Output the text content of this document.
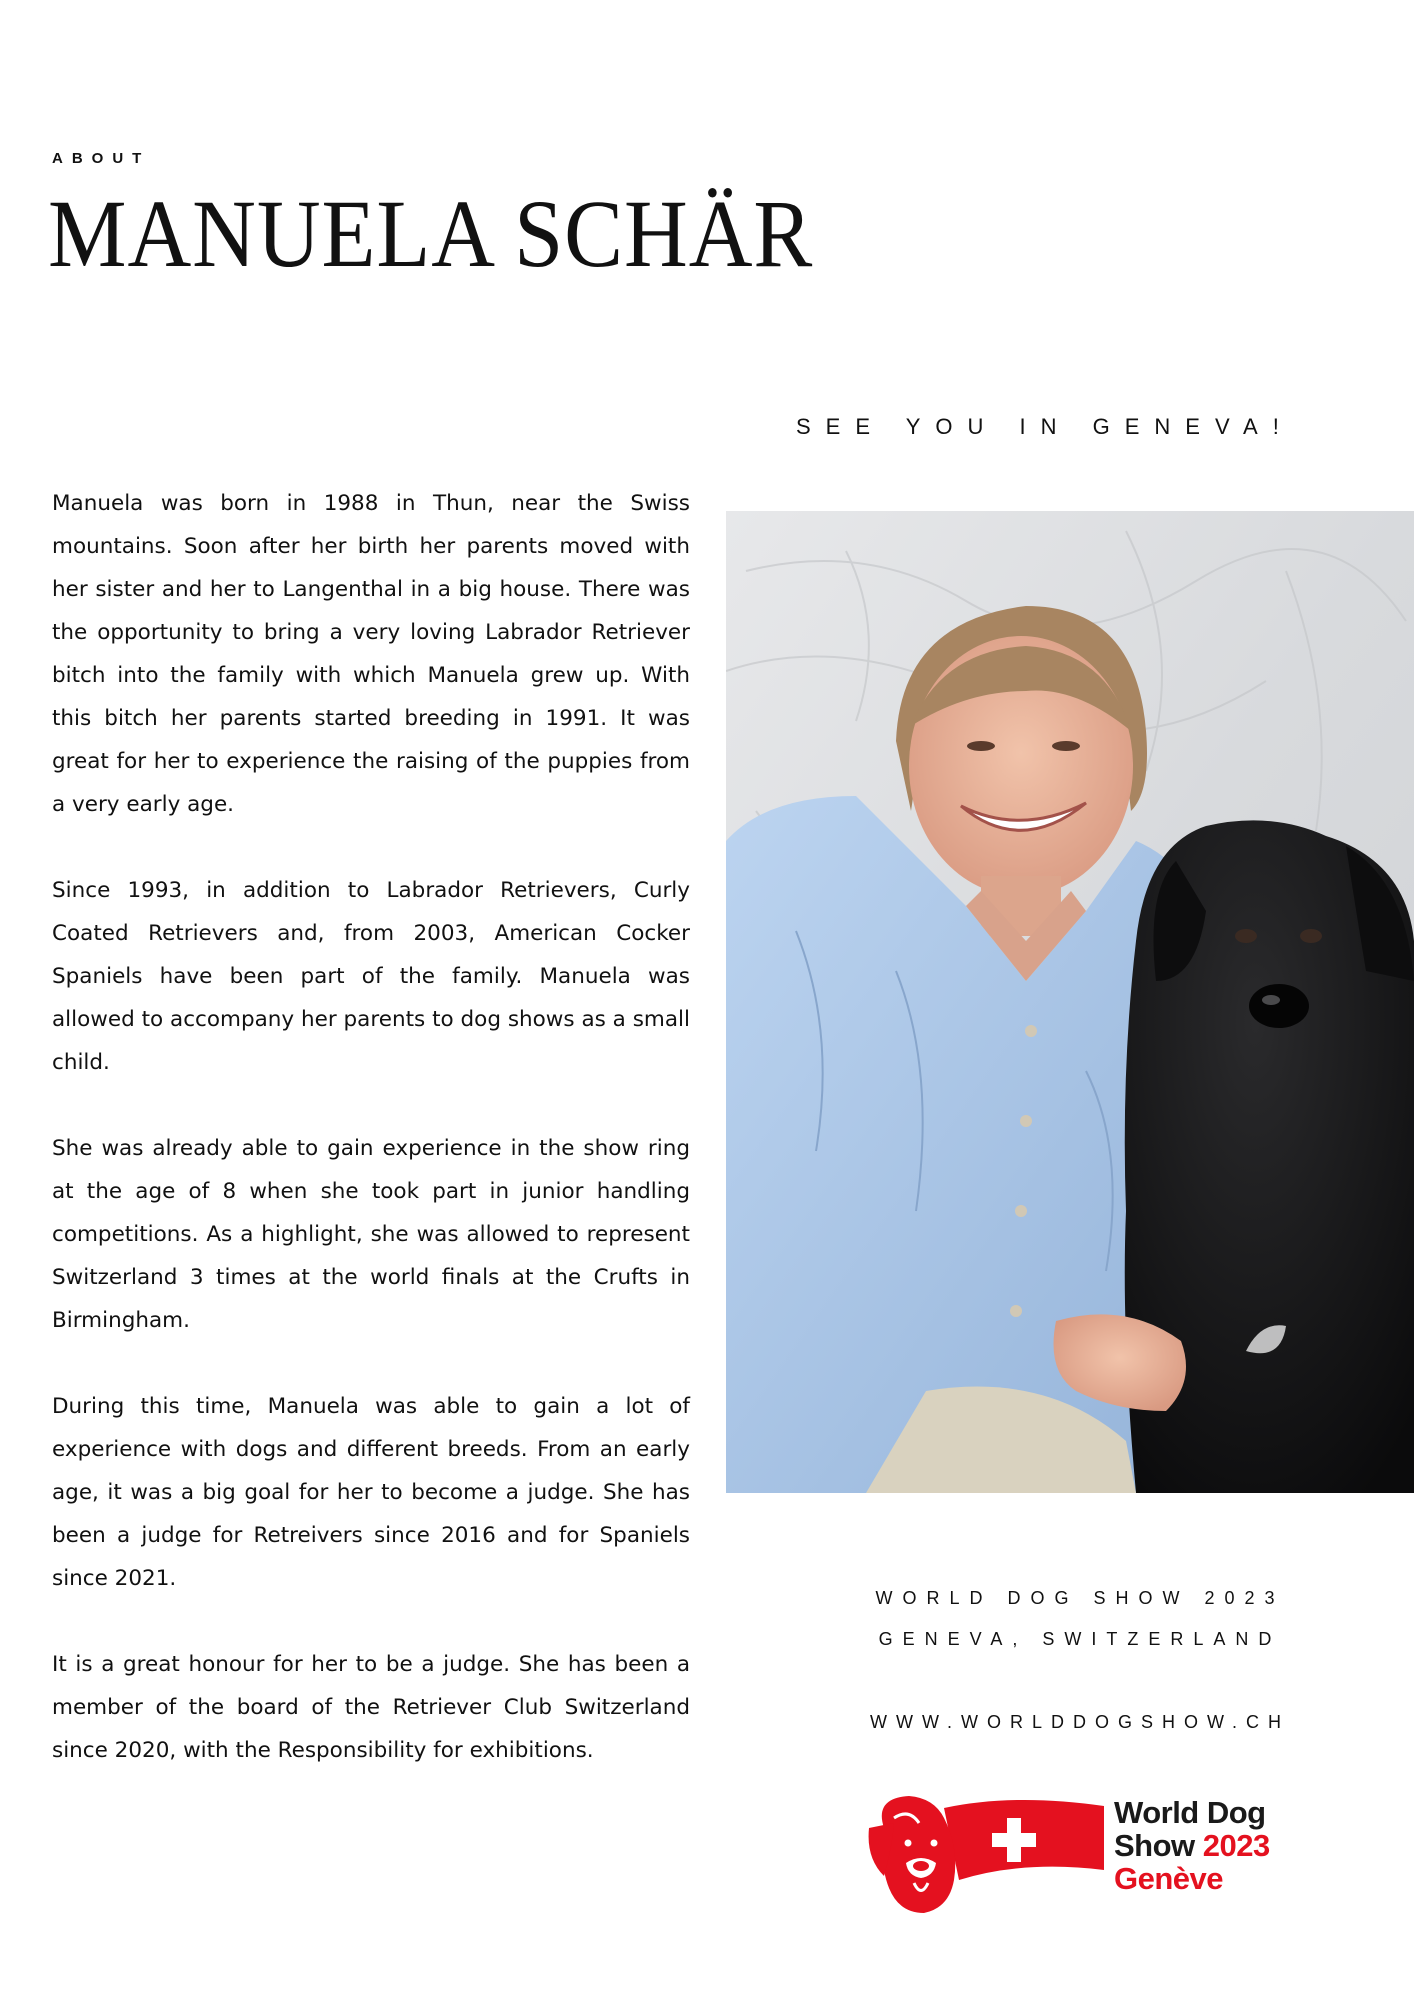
ABOUT
MANUELA SCHÄR
SEE YOU IN GENEVA!

Manuela was born in 1988 in Thun, near the Swiss mountains. Soon after her birth her parents moved with her sister and her to Langenthal in a big house. There was the opportunity to bring a very loving Labrador Retriever bitch into the family with which Manuela grew up. With this bitch her parents started breeding in 1991. It was great for her to experience the raising of the puppies from a very early age.

Since 1993, in addition to Labrador Retrievers, Curly Coated Retrievers and, from 2003, American Cocker Spaniels have been part of the family. Manuela was allowed to accompany her parents to dog shows as a small child.

She was already able to gain experience in the show ring at the age of 8 when she took part in junior handling competitions. As a highlight, she was allowed to represent Switzerland 3 times at the world finals at the Crufts in Birmingham.

During this time, Manuela was able to gain a lot of experience with dogs and different breeds. From an early age, it was a big goal for her to become a judge. She has been a judge for Retreivers since 2016 and for Spaniels since 2021.

It is a great honour for her to be a judge. She has been a member of the board of the Retriever Club Switzerland since 2020, with the Responsibility for exhibitions.

WORLD DOG SHOW 2023
GENEVA, SWITZERLAND
WWW.WORLDDOGSHOW.CH
World Dog
Show 2023
Genève
